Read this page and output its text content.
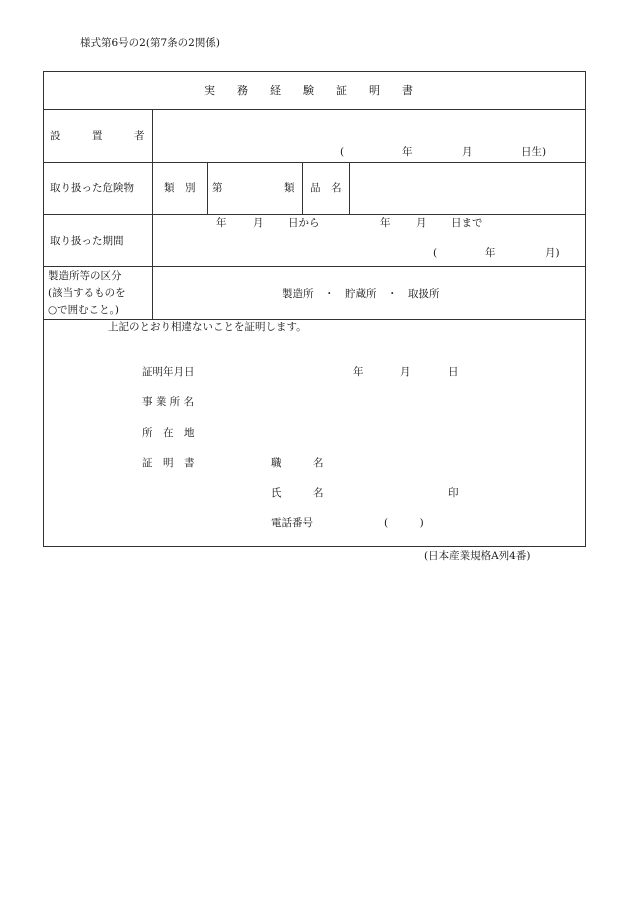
様式第6号の2(第7条の2関係)
実　　務　　経　　験　　証　　明　　書
設　　　置　　　者
(	年	月	日生)
取り扱った危険物	類　別 第	類 品　名
取り扱った期間
年	月 日から	年 月 日まで
(	年	月)
製造所等の区分
(該当するものを
○で囲むこと。)
製造所　・　貯蔵所　・　取扱所
上記のとおり相違ないことを証明します。
証明年月日	年	月	日
事 業 所 名
所　在　地
証　明　書	職　　　名
氏　　　名	印
電話番号	(　　　)
(日本産業規格A列4番)
